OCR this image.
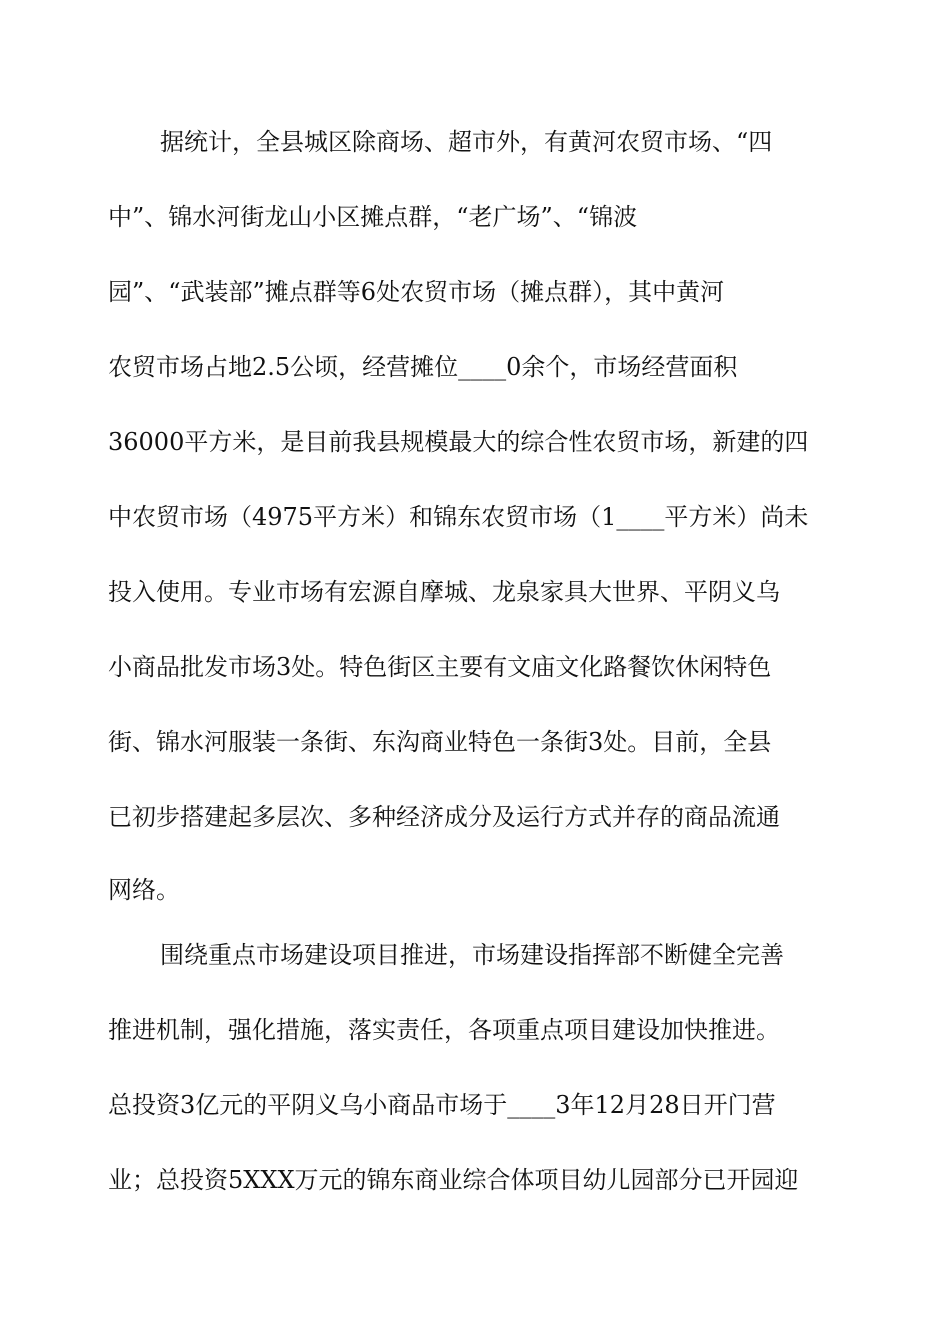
据统计，全县城区除商场、超市外，有黄河农贸市场、“四

中”、锦水河街龙山小区摊点群，“老广场”、“锦波

园”、“武装部”摊点群等6处农贸市场（摊点群），其中黄河

农贸市场占地2.5公顷，经营摊位____0余个，市场经营面积

36000平方米，是目前我县规模最大的综合性农贸市场，新建的四

中农贸市场（4975平方米）和锦东农贸市场（1____平方米）尚未

投入使用。专业市场有宏源自摩城、龙泉家具大世界、平阴义乌

小商品批发市场3处。特色街区主要有文庙文化路餐饮休闲特色

街、锦水河服装一条街、东沟商业特色一条街3处。目前，全县

已初步搭建起多层次、多种经济成分及运行方式并存的商品流通

网络。

围绕重点市场建设项目推进，市场建设指挥部不断健全完善

推进机制，强化措施，落实责任，各项重点项目建设加快推进。

总投资3亿元的平阴义乌小商品市场于____3年12月28日开门营

业；总投资5XXX万元的锦东商业综合体项目幼儿园部分已开园迎
